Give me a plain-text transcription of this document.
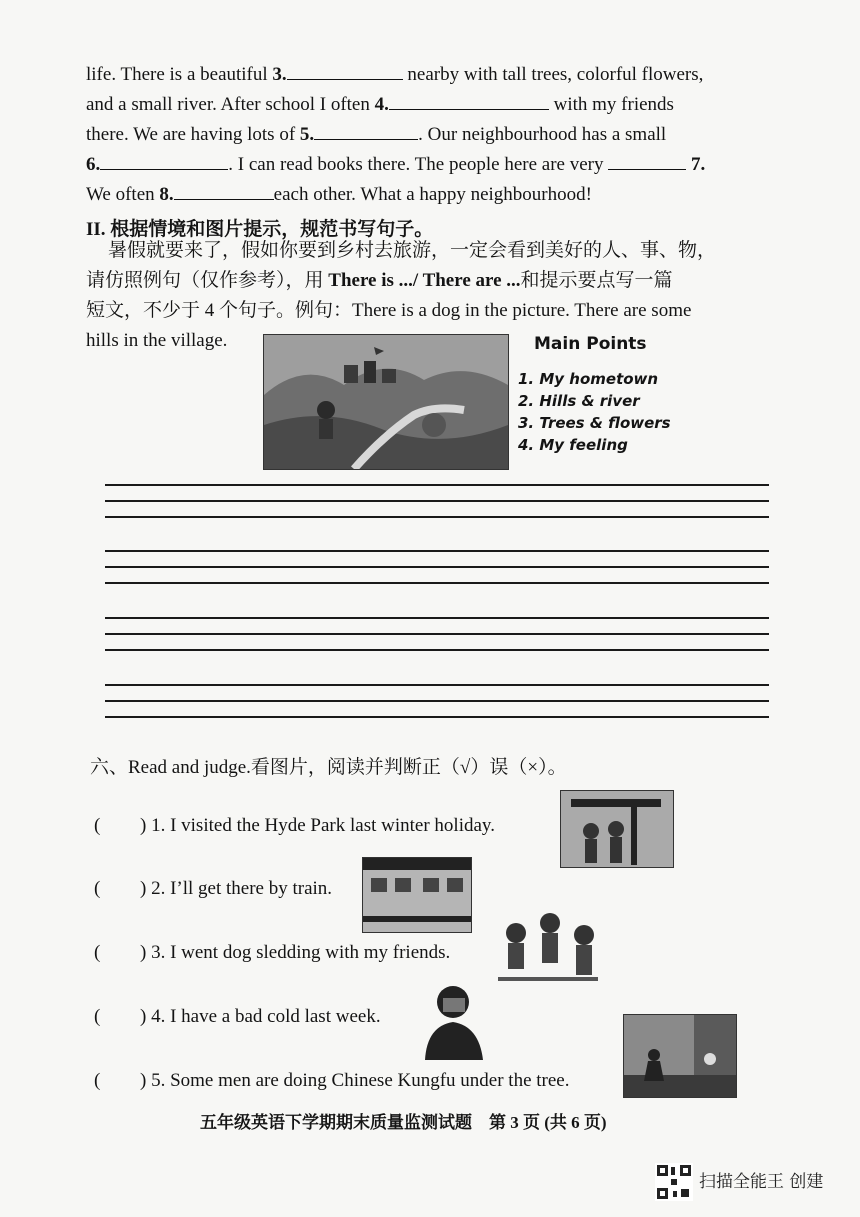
life. There is a beautiful 3.	nearby with tall trees, colorful flowers,
and a small river. After school I often 4.	with my friends
there. We are having lots of 5.	. Our neighbourhood has a small
6.	. I can read books there. The people here are very	7.
We often 8.	each other. What a happy neighbourhood!
II. 根据情境和图片提示，规范书写句子。
暑假就要来了，假如你要到乡村去旅游，一定会看到美好的人、事、物，
请仿照例句（仅作参考），用 There is .../ There are ...和提示要点写一篇
短文，不少于 4 个句子。例句：There is a dog in the picture. There are some
hills in the village.	Main Points
1. My hometown
2. Hills & river
3. Trees & flowers
4. My feeling
六、Read and judge.看图片，阅读并判断正（√）误（×）。
( ) 1. I visited the Hyde Park last winter holiday.
( ) 2. I’ll get there by train.
( ) 3. I went dog sledding with my friends.
( ) 4. I have a bad cold last week.
( ) 5. Some men are doing Chinese Kungfu under the tree.
五年级英语下学期期末质量监测试题　第 3 页 (共 6 页)
扫描全能王 创建
